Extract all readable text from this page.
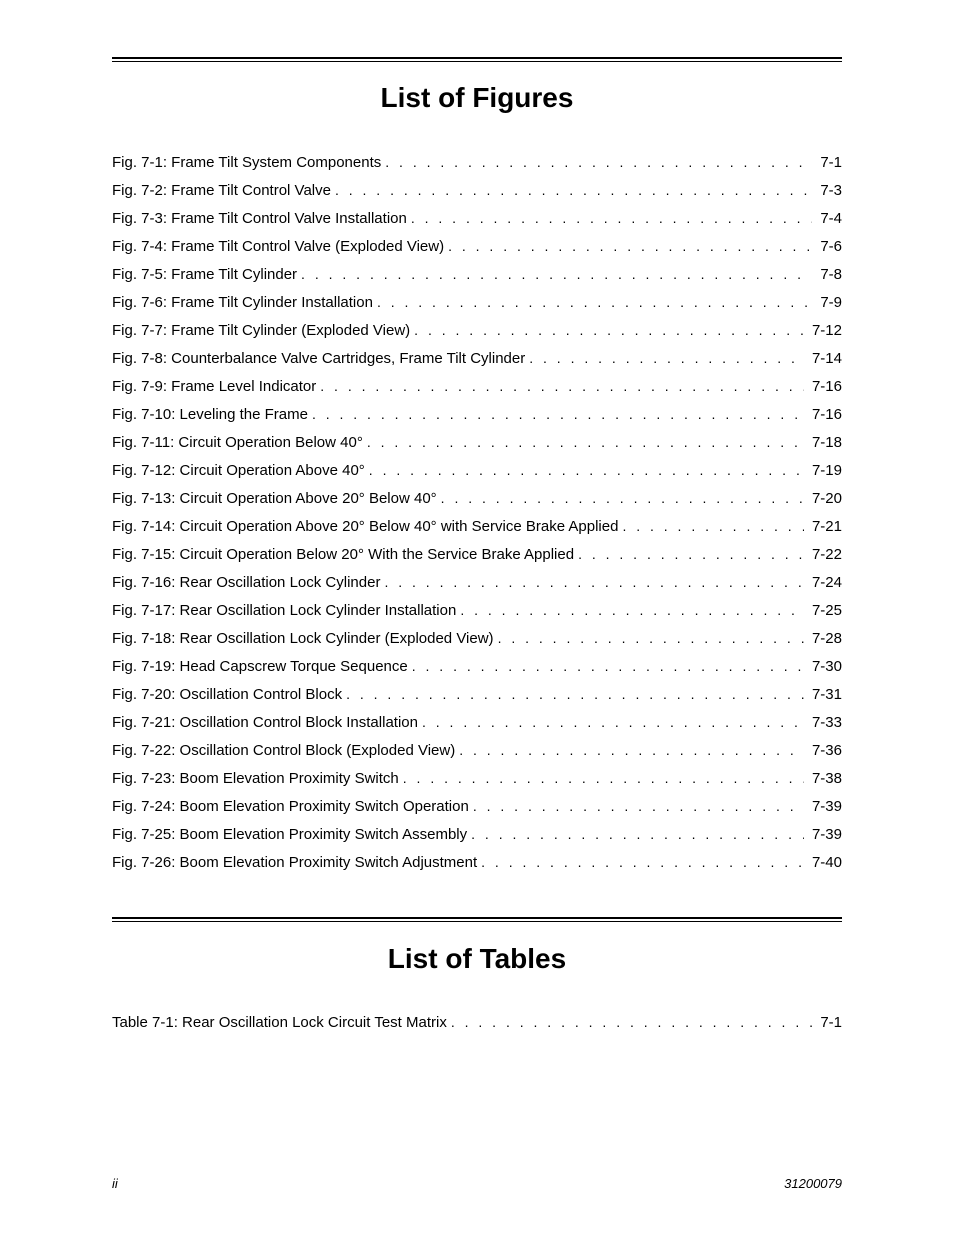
List of Figures
Fig. 7-1: Frame Tilt System Components . . .	7-1
Fig. 7-2: Frame Tilt Control Valve . . .	7-3
Fig. 7-3: Frame Tilt Control Valve Installation . . .	7-4
Fig. 7-4: Frame Tilt Control Valve (Exploded View) . . .	7-6
Fig. 7-5: Frame Tilt Cylinder . . .	7-8
Fig. 7-6: Frame Tilt Cylinder Installation . . .	7-9
Fig. 7-7: Frame Tilt Cylinder (Exploded View) . . .	7-12
Fig. 7-8: Counterbalance Valve Cartridges, Frame Tilt Cylinder . . .	7-14
Fig. 7-9: Frame Level Indicator . . .	7-16
Fig. 7-10: Leveling the Frame . . .	7-16
Fig. 7-11: Circuit Operation Below 40° . . .	7-18
Fig. 7-12: Circuit Operation Above 40° . . .	7-19
Fig. 7-13: Circuit Operation Above 20° Below 40° . . .	7-20
Fig. 7-14: Circuit Operation Above 20° Below 40° with Service Brake Applied . . .	7-21
Fig. 7-15: Circuit Operation Below 20° With the Service Brake Applied . . .	7-22
Fig. 7-16: Rear Oscillation Lock Cylinder . . .	7-24
Fig. 7-17: Rear Oscillation Lock Cylinder Installation . . .	7-25
Fig. 7-18: Rear Oscillation Lock Cylinder (Exploded View) . . .	7-28
Fig. 7-19: Head Capscrew Torque Sequence . . .	7-30
Fig. 7-20: Oscillation Control Block . . .	7-31
Fig. 7-21: Oscillation Control Block Installation . . .	7-33
Fig. 7-22: Oscillation Control Block (Exploded View) . . .	7-36
Fig. 7-23: Boom Elevation Proximity Switch . . .	7-38
Fig. 7-24: Boom Elevation Proximity Switch Operation . . .	7-39
Fig. 7-25: Boom Elevation Proximity Switch Assembly . . .	7-39
Fig. 7-26: Boom Elevation Proximity Switch Adjustment . . .	7-40
List of Tables
Table 7-1: Rear Oscillation Lock Circuit Test Matrix . . .	7-1
ii	31200079
